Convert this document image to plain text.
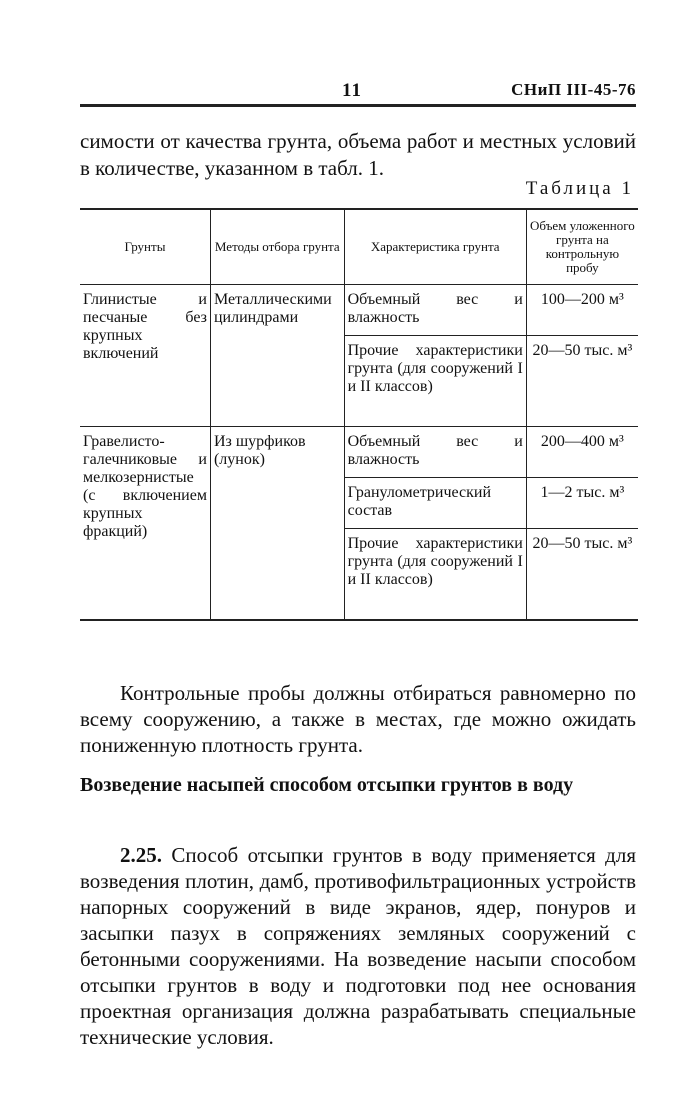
11	СНиП III-45-76
симости от качества грунта, объема работ и местных условий в количестве, указанном в табл. 1.
Таблица 1
Грунты	Методы отбора грунта	Характеристика грунта	Объем уложенного грунта на контрольную пробу
Глинистые и песчаные без крупных включений	Металлическими цилиндрами	Объемный вес и влажность	100—200 м³
		Прочие характеристики грунта (для сооружений I и II классов)	20—50 тыс. м³
Гравелисто-галечниковые и мелкозернистые (с включением крупных фракций)	Из шурфиков (лунок)	Объемный вес и влажность	200—400 м³
		Гранулометрический состав	1—2 тыс. м³
		Прочие характеристики грунта (для сооружений I и II классов)	20—50 тыс. м³

Контрольные пробы должны отбираться равномерно по всему сооружению, а также в местах, где можно ожидать пониженную плотность грунта.

Возведение насыпей способом отсыпки грунтов в воду

2.25. Способ отсыпки грунтов в воду применяется для возведения плотин, дамб, противофильтрационных устройств напорных сооружений в виде экранов, ядер, понуров и засыпки пазух в сопряжениях земляных сооружений с бетонными сооружениями. На возведение насыпи способом отсыпки грунтов в воду и подготовки под нее основания проектная организация должна разрабатывать специальные технические условия.
